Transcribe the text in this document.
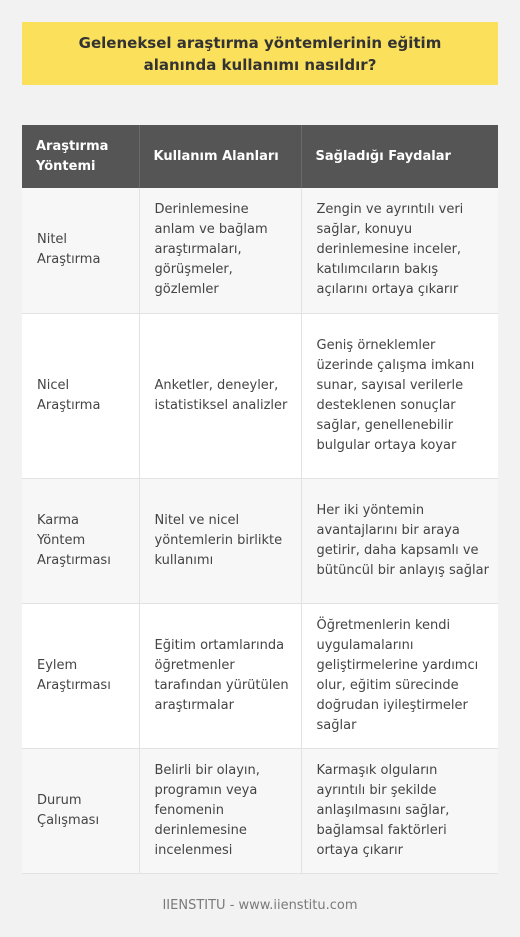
Geleneksel araştırma yöntemlerinin eğitim alanında kullanımı nasıldır?
Araştırma Yöntemi	Kullanım Alanları	Sağladığı Faydalar
Nitel Araştırma	Derinlemesine anlam ve bağlam araştırmaları, görüşmeler, gözlemler	Zengin ve ayrıntılı veri sağlar, konuyu derinlemesine inceler, katılımcıların bakış açılarını ortaya çıkarır
Nicel Araştırma	Anketler, deneyler, istatistiksel analizler	Geniş örneklemler üzerinde çalışma imkanı sunar, sayısal verilerle desteklenen sonuçlar sağlar, genellenebilir bulgular ortaya koyar
Karma Yöntem Araştırması	Nitel ve nicel yöntemlerin birlikte kullanımı	Her iki yöntemin avantajlarını bir araya getirir, daha kapsamlı ve bütüncül bir anlayış sağlar
Eylem Araştırması	Eğitim ortamlarında öğretmenler tarafından yürütülen araştırmalar	Öğretmenlerin kendi uygulamalarını geliştirmelerine yardımcı olur, eğitim sürecinde doğrudan iyileştirmeler sağlar
Durum Çalışması	Belirli bir olayın, programın veya fenomenin derinlemesine incelenmesi	Karmaşık olguların ayrıntılı bir şekilde anlaşılmasını sağlar, bağlamsal faktörleri ortaya çıkarır
IIENSTITU - www.iienstitu.com
